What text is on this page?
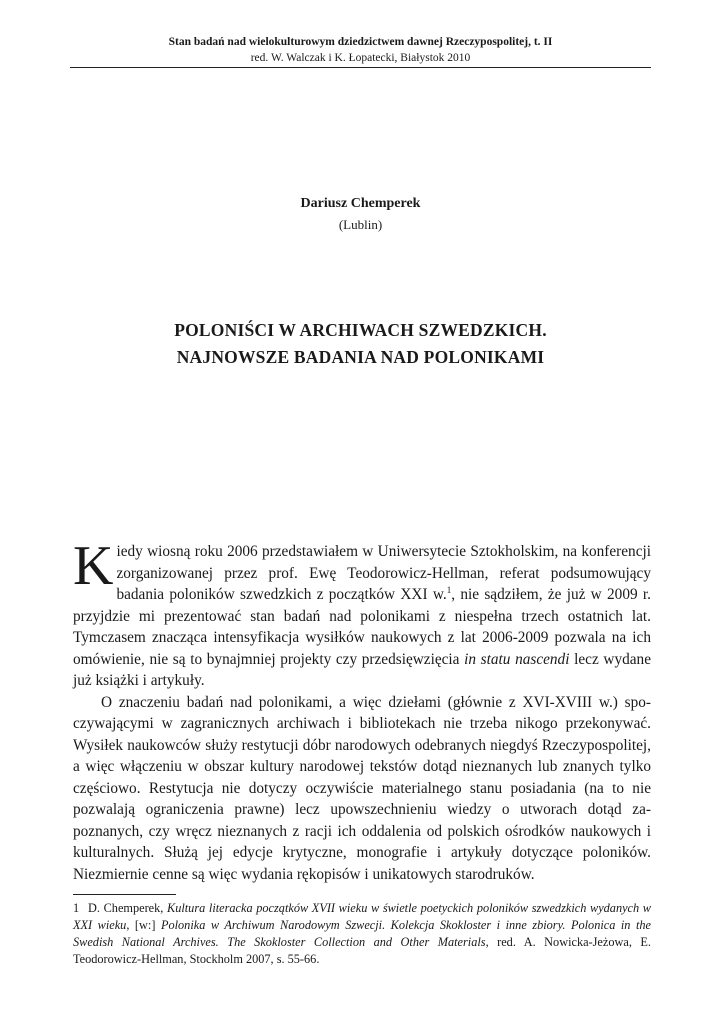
Stan badań nad wielokulturowym dziedzictwem dawnej Rzeczypospolitej, t. II
red. W. Walczak i K. Łopatecki, Białystok 2010
Dariusz Chemperek
(Lublin)
POLONIŚCI W ARCHIWACH SZWEDZKICH.
NAJNOWSZE BADANIA NAD POLONIKAMI

Kiedy wiosną roku 2006 przedstawiałem w Uniwersytecie Sztokholskim, na konferencji zorganizowanej przez prof. Ewę Teodorowicz-Hellman, referat podsumowujący badania poloników szwedzkich z początków XXI w.$^1$, nie sądziłem, że już w 2009 r. przyjdzie mi prezentować stan badań nad polonikami z niespełna trzech ostatnich lat. Tymczasem znacząca intensyfikacja wysiłków naukowych z lat 2006-2009 pozwala na ich omówienie, nie są to bynajmniej projekty czy przedsięwzięcia in statu nascendi lecz wydane już książki i artykuły.

O znaczeniu badań nad polonikami, a więc dziełami (głównie z XVI-XVIII w.) spoczywającymi w zagranicznych archiwach i bibliotekach nie trzeba nikogo przekonywać. Wysiłek naukowców służy restytucji dóbr narodowych odebranych niegdyś Rzeczypospolitej, a więc włączeniu w obszar kultury narodowej tekstów dotąd nieznanych lub znanych tylko częściowo. Restytucja nie dotyczy oczywiście materialnego stanu posiadania (na to nie pozwalają ograniczenia prawne) lecz upowszechnieniu wiedzy o utworach dotąd zapoznanych, czy wręcz nieznanych z racji ich oddalenia od polskich ośrodków naukowych i kulturalnych. Służą jej edycje krytyczne, monografie i artykuły dotyczące poloników. Niezmiernie cenne są więc wydania rękopisów i unikatowych starodruków.

1 D. Chemperek, Kultura literacka początków XVII wieku w świetle poetyckich poloników szwedzkich wydanych w XXI wieku, [w:] Polonika w Archiwum Narodowym Szwecji. Kolekcja Skokloster i inne zbiory. Polonica in the Swedish National Archives. The Skokloster Collection and Other Materials, red. A. Nowicka-Jeżowa, E. Teodorowicz-Hellman, Stockholm 2007, s. 55-66.
